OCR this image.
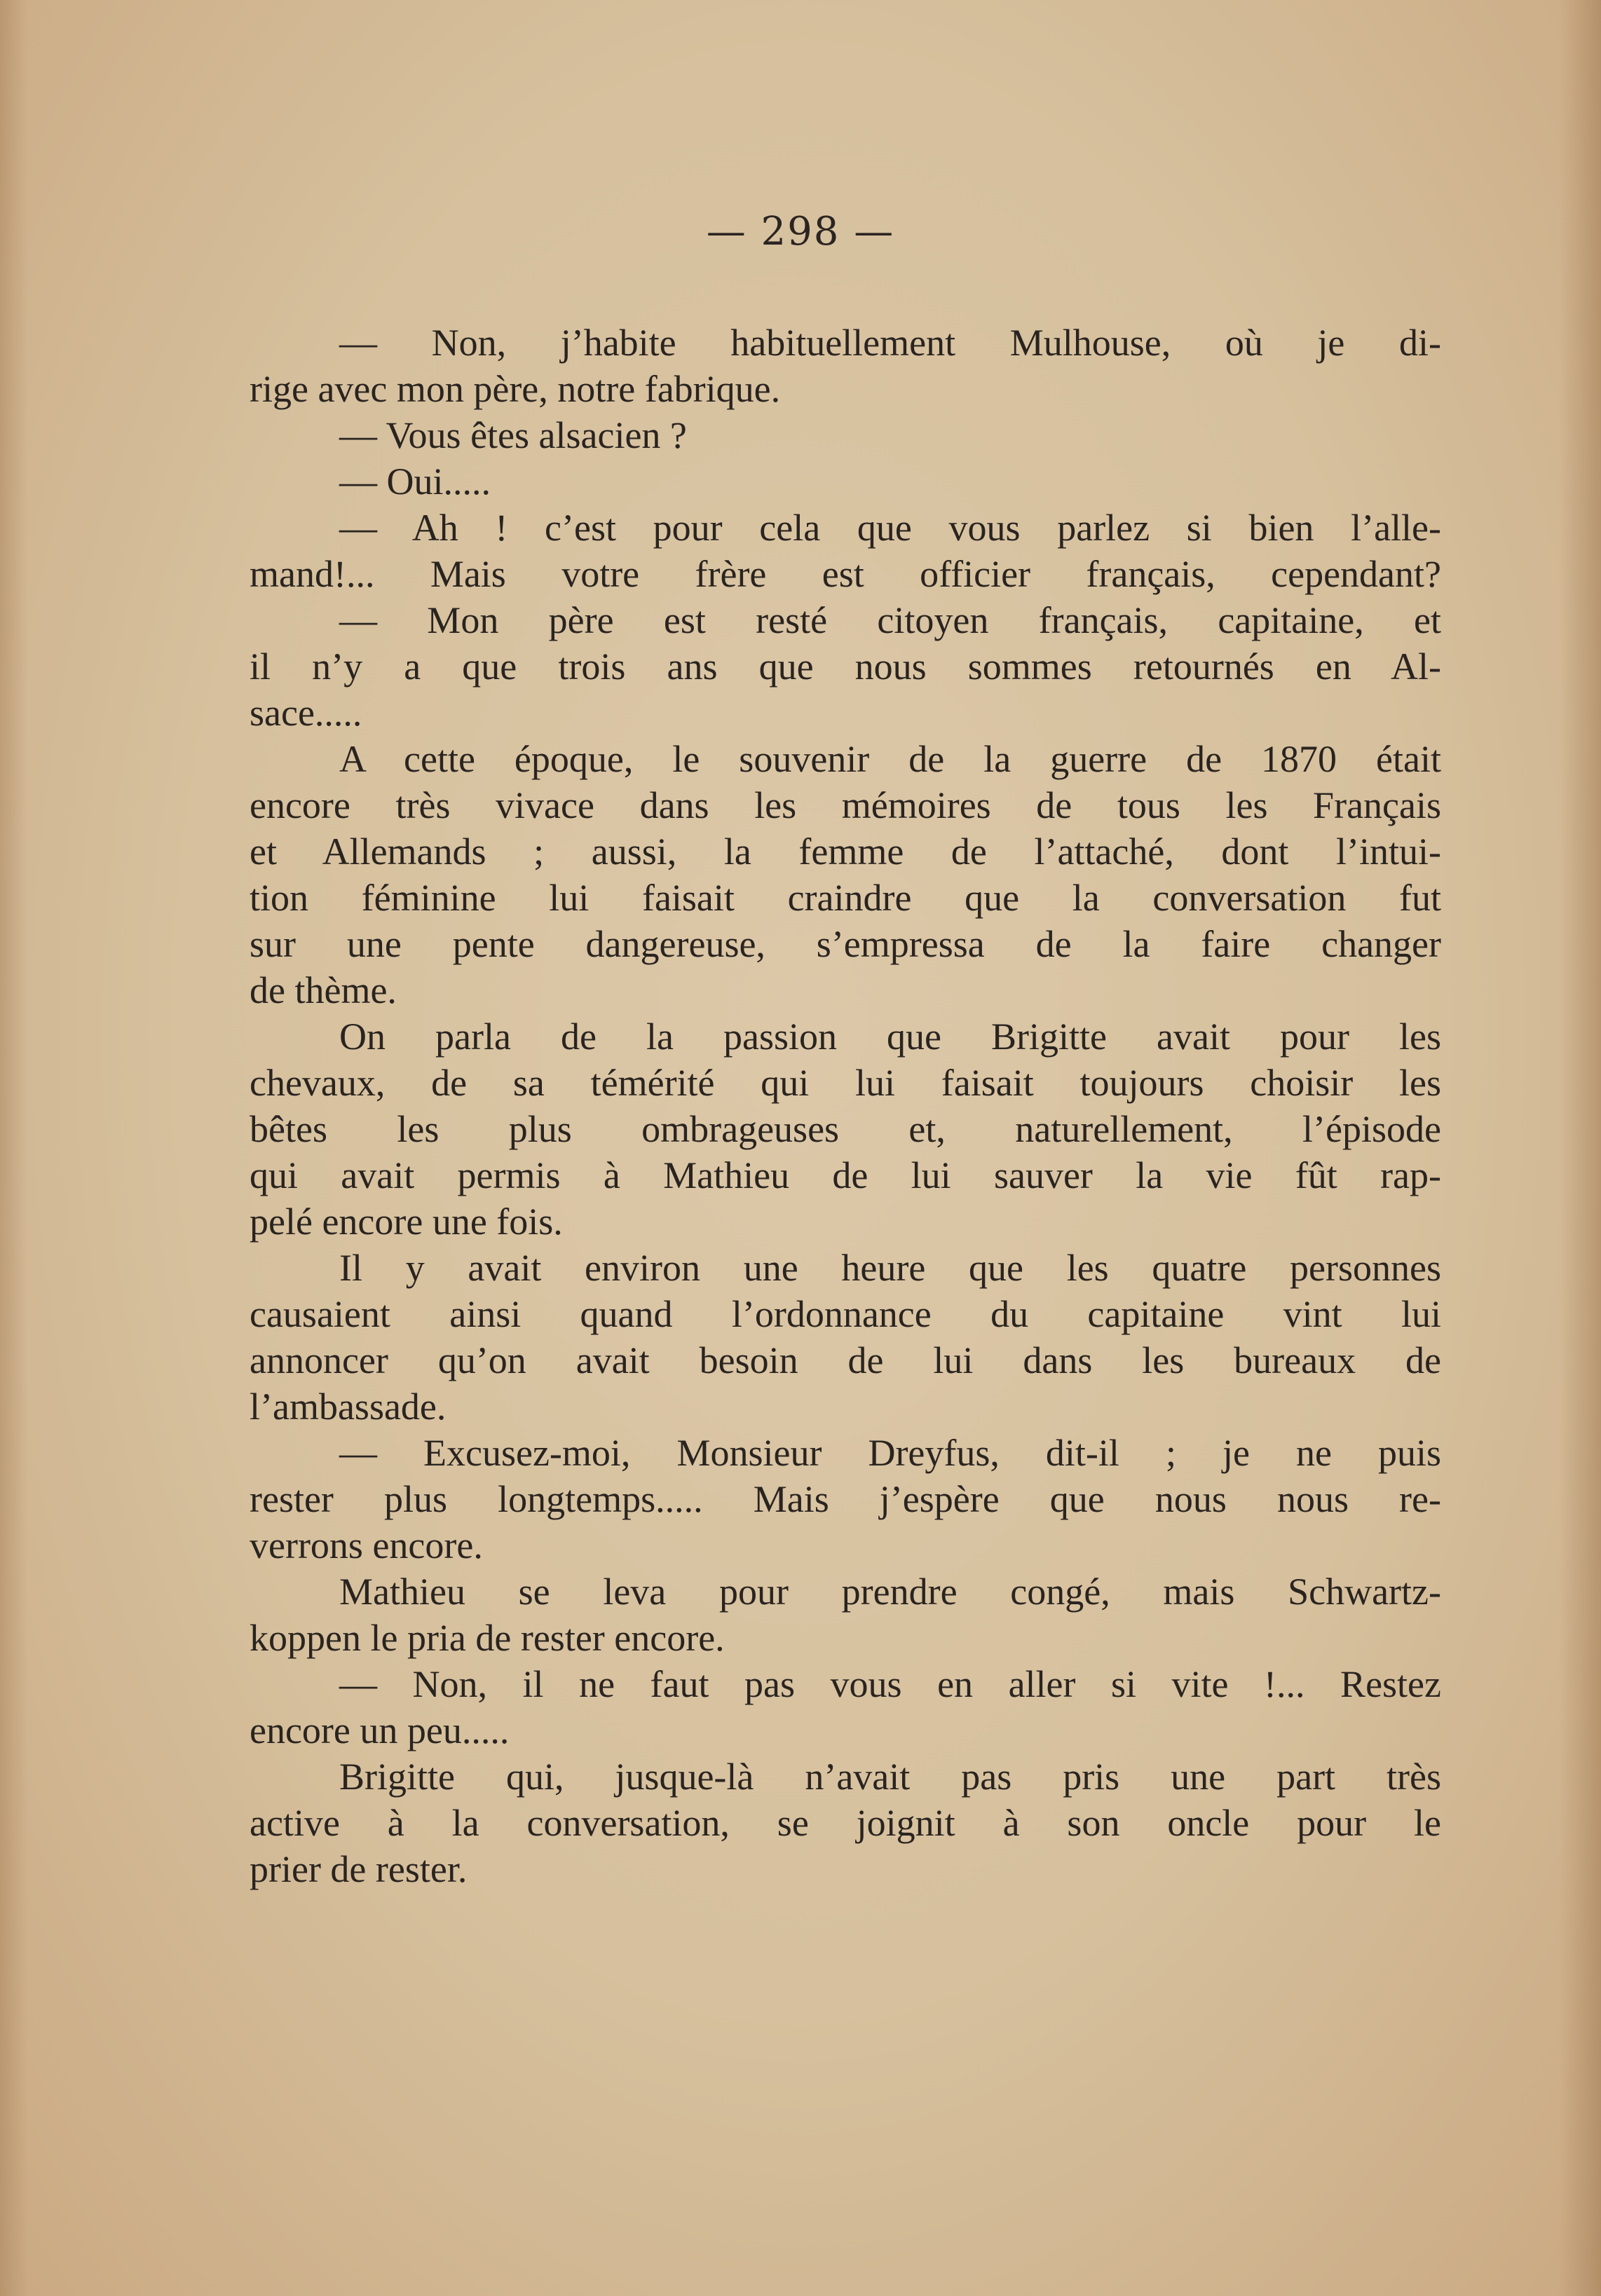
— 298 —
— Non, j’habite habituellement Mulhouse, où je di-
rige avec mon père, notre fabrique.
— Vous êtes alsacien ?
— Oui.....
— Ah ! c’est pour cela que vous parlez si bien l’alle-
mand!... Mais votre frère est officier français, cependant?
— Mon père est resté citoyen français, capitaine, et
il n’y a que trois ans que nous sommes retournés en Al-
sace.....
A cette époque, le souvenir de la guerre de 1870 était
encore très vivace dans les mémoires de tous les Français
et Allemands ; aussi, la femme de l’attaché, dont l’intui-
tion féminine lui faisait craindre que la conversation fut
sur une pente dangereuse, s’empressa de la faire changer
de thème.
On parla de la passion que Brigitte avait pour les
chevaux, de sa témérité qui lui faisait toujours choisir les
bêtes les plus ombrageuses et, naturellement, l’épisode
qui avait permis à Mathieu de lui sauver la vie fût rap-
pelé encore une fois.
Il y avait environ une heure que les quatre personnes
causaient ainsi quand l’ordonnance du capitaine vint lui
annoncer qu’on avait besoin de lui dans les bureaux de
l’ambassade.
— Excusez-moi, Monsieur Dreyfus, dit-il ; je ne puis
rester plus longtemps..... Mais j’espère que nous nous re-
verrons encore.
Mathieu se leva pour prendre congé, mais Schwartz-
koppen le pria de rester encore.
— Non, il ne faut pas vous en aller si vite !... Restez
encore un peu.....
Brigitte qui, jusque-là n’avait pas pris une part très
active à la conversation, se joignit à son oncle pour le
prier de rester.
